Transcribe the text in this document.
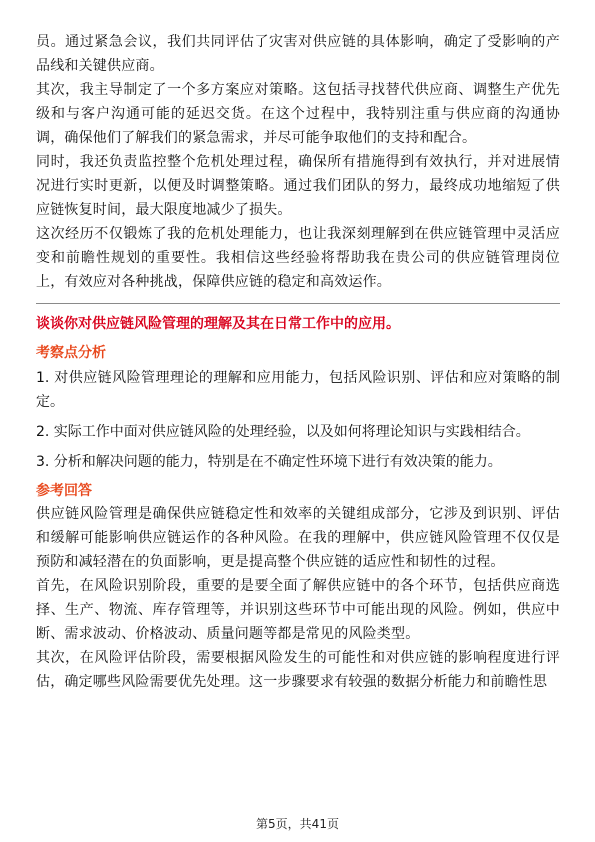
员。通过紧急会议，我们共同评估了灾害对供应链的具体影响，确定了受影响的产品线和关键供应商。

其次，我主导制定了一个多方案应对策略。这包括寻找替代供应商、调整生产优先级和与客户沟通可能的延迟交货。在这个过程中，我特别注重与供应商的沟通协调，确保他们了解我们的紧急需求，并尽可能争取他们的支持和配合。

同时，我还负责监控整个危机处理过程，确保所有措施得到有效执行，并对进展情况进行实时更新，以便及时调整策略。通过我们团队的努力，最终成功地缩短了供应链恢复时间，最大限度地减少了损失。

这次经历不仅锻炼了我的危机处理能力，也让我深刻理解到在供应链管理中灵活应变和前瞻性规划的重要性。我相信这些经验将帮助我在贵公司的供应链管理岗位上，有效应对各种挑战，保障供应链的稳定和高效运作。

谈谈你对供应链风险管理的理解及其在日常工作中的应用。

考察点分析

1. 对供应链风险管理理论的理解和应用能力，包括风险识别、评估和应对策略的制定。

2. 实际工作中面对供应链风险的处理经验，以及如何将理论知识与实践相结合。

3. 分析和解决问题的能力，特别是在不确定性环境下进行有效决策的能力。

参考回答

供应链风险管理是确保供应链稳定性和效率的关键组成部分，它涉及到识别、评估和缓解可能影响供应链运作的各种风险。在我的理解中，供应链风险管理不仅仅是预防和减轻潜在的负面影响，更是提高整个供应链的适应性和韧性的过程。

首先，在风险识别阶段，重要的是要全面了解供应链中的各个环节，包括供应商选择、生产、物流、库存管理等，并识别这些环节中可能出现的风险。例如，供应中断、需求波动、价格波动、质量问题等都是常见的风险类型。

其次，在风险评估阶段，需要根据风险发生的可能性和对供应链的影响程度进行评估，确定哪些风险需要优先处理。这一步骤要求有较强的数据分析能力和前瞻性思

第5页，共41页
